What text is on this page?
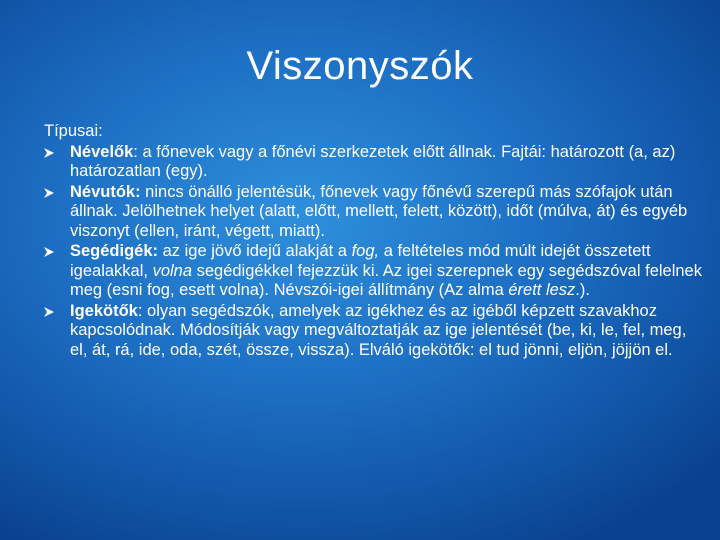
Viszonyszók
Típusai:
Névelők: a főnevek vagy a főnévi szerkezetek előtt állnak. Fajtái: határozott (a, az) határozatlan (egy).
Névutók: nincs önálló jelentésük, főnevek vagy főnévű szerepű más szófajok után állnak. Jelölhetnek helyet (alatt, előtt, mellett, felett, között), időt (múlva, át) és egyéb viszonyt (ellen, iránt, végett, miatt).
Segédigék: az ige jövő idejű alakját a fog, a feltételes mód múlt idejét összetett igealakkal, volna segédigékkel fejezzük ki. Az igei szerepnek egy segédszóval felelnek meg (esni fog, esett volna). Névszói-igei állítmány (Az alma érett lesz.).
Igekötők: olyan segédszók, amelyek az igékhez és az igéből képzett szavakhoz kapcsolódnak. Módosítják vagy megváltoztatják az ige jelentését (be, ki, le, fel, meg, el, át, rá, ide, oda, szét, össze, vissza). Elváló igekötők: el tud jönni, eljön, jöjjön el.
